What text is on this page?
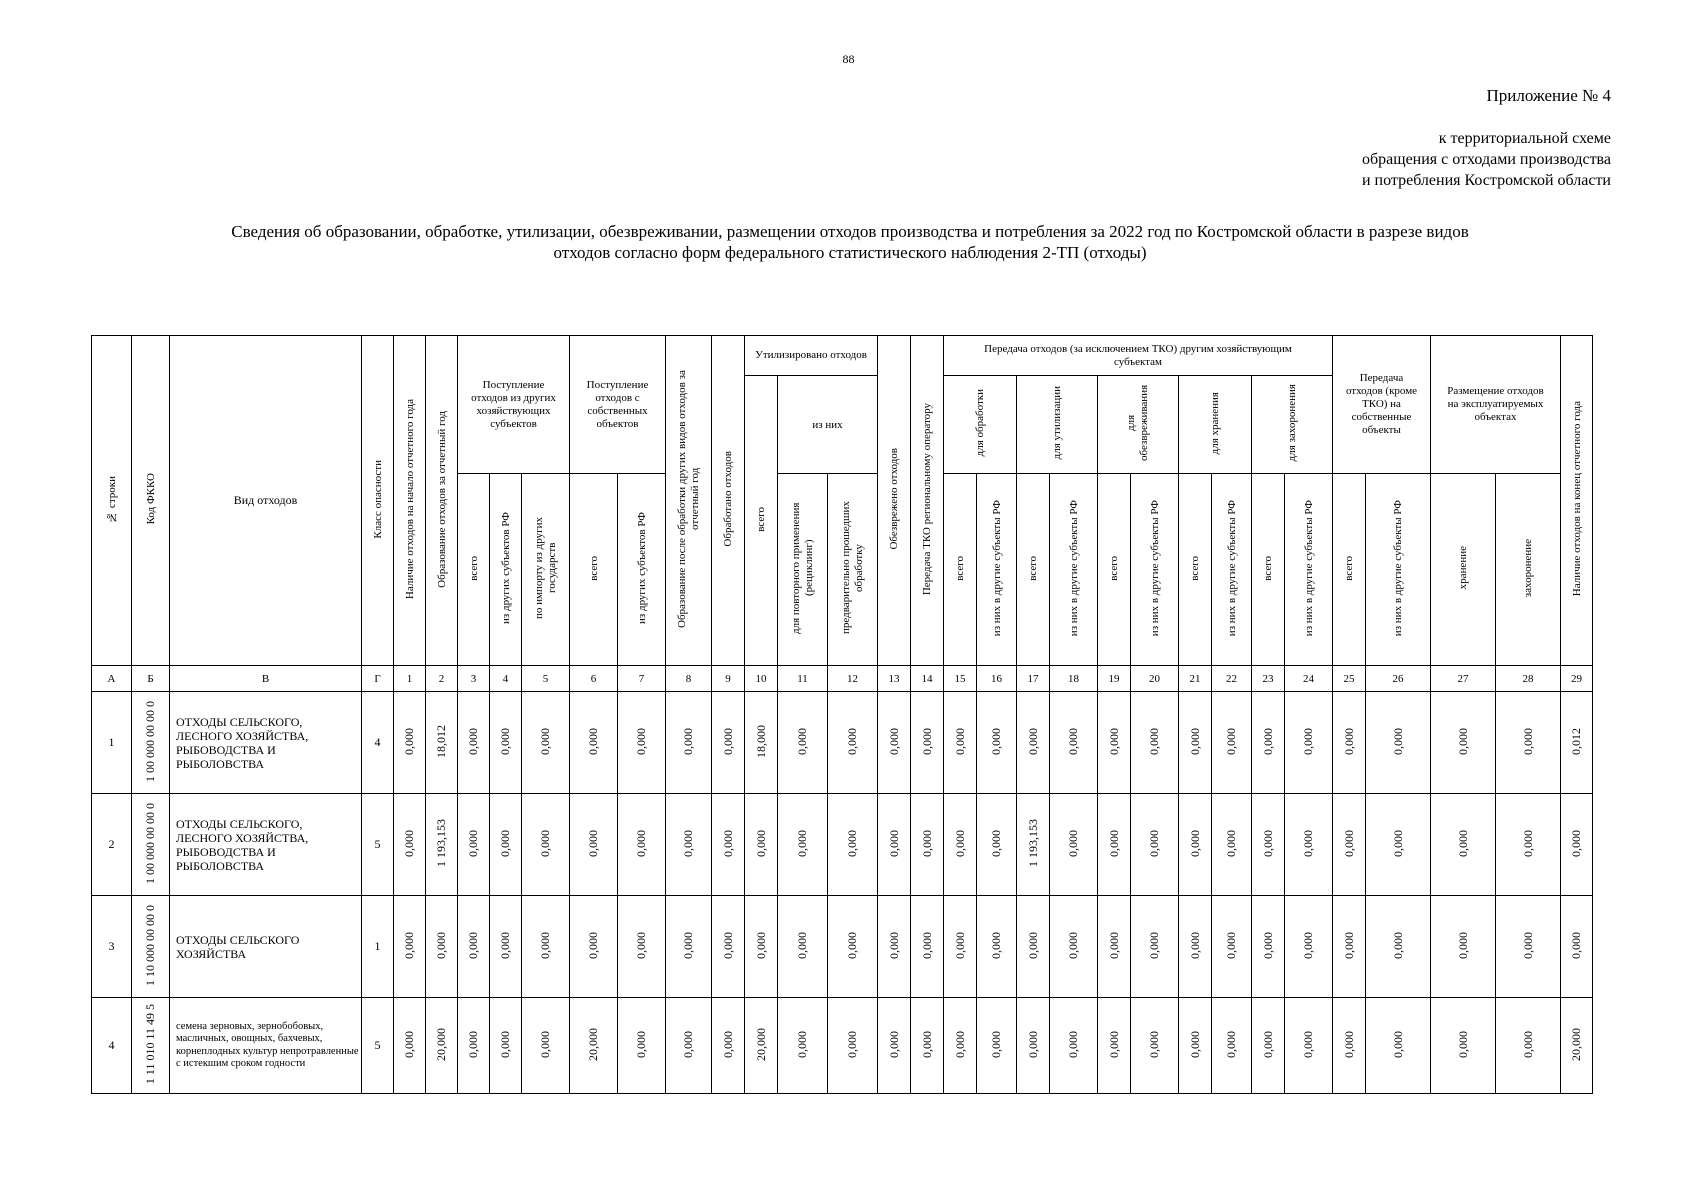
88
Приложение № 4
к территориальной схеме
обращения с отходами производства
и потребления Костромской области
Сведения об образовании, обработке, утилизации, обезвреживании, размещении отходов производства и потребления за 2022 год по Костромской области в разрезе видов
отходов согласно форм федерального статистического наблюдения 2-ТП (отходы)
№ строки	Код ФККО	Вид отходов	Класс опасности	Наличие отходов на начало отчетного года	Образование отходов за отчетный год	Поступление отходов из других хозяйствующих субъектов			Поступление отходов с собственных объектов		Образование после обработки других видов отходов за отчетный год	Обработано отходов	Утилизировано отходов			Обезврежено отходов	Передача ТКО региональному оператору	Передача отходов (за исключением ТКО) другим хозяйствующим субъектам										Передача отходов (кроме ТКО) на собственные объекты		Размещение отходов на эксплуатируемых объектах		Наличие отходов на конец отчетного года
													всего	из них				для обработки		для утилизации		для обезвреживания		для хранения		для захоронения						
						всего	из других субъектов РФ	по импорту из других государств	всего	из других субъектов РФ				для повторного применения (рециклинг)	предварительно прошедших обработку			всего	из них в другие субъекты РФ	всего	из них в другие субъекты РФ	всего	из них в другие субъекты РФ	всего	из них в другие субъекты РФ	всего	из них в другие субъекты РФ	всего	из них в другие субъекты РФ	хранение	захоронение	
А	Б	В	Г	1	2	3	4	5	6	7	8	9	10	11	12	13	14	15	16	17	18	19	20	21	22	23	24	25	26	27	28	29
1	1 00 000 00 00 0	ОТХОДЫ СЕЛЬСКОГО, ЛЕСНОГО ХОЗЯЙСТВА, РЫБОВОДСТВА И РЫБОЛОВСТВА	4	0,000	18,012	0,000	0,000	0,000	0,000	0,000	0,000	0,000	18,000	0,000	0,000	0,000	0,000	0,000	0,000	0,000	0,000	0,000	0,000	0,000	0,000	0,000	0,000	0,000	0,000	0,000	0,000	0,012
2	1 00 000 00 00 0	ОТХОДЫ СЕЛЬСКОГО, ЛЕСНОГО ХОЗЯЙСТВА, РЫБОВОДСТВА И РЫБОЛОВСТВА	5	0,000	1 193,153	0,000	0,000	0,000	0,000	0,000	0,000	0,000	0,000	0,000	0,000	0,000	0,000	0,000	0,000	1 193,153	0,000	0,000	0,000	0,000	0,000	0,000	0,000	0,000	0,000	0,000	0,000	0,000
3	1 10 000 00 00 0	ОТХОДЫ СЕЛЬСКОГО ХОЗЯЙСТВА	1	0,000	0,000	0,000	0,000	0,000	0,000	0,000	0,000	0,000	0,000	0,000	0,000	0,000	0,000	0,000	0,000	0,000	0,000	0,000	0,000	0,000	0,000	0,000	0,000	0,000	0,000	0,000	0,000	0,000
4	1 11 010 11 49 5	семена зерновых, зернобобовых, масличных, овощных, бахчевых, корнеплодных культур непротравленные с истекшим сроком годности	5	0,000	20,000	0,000	0,000	0,000	20,000	0,000	0,000	0,000	20,000	0,000	0,000	0,000	0,000	0,000	0,000	0,000	0,000	0,000	0,000	0,000	0,000	0,000	0,000	0,000	0,000	0,000	0,000	20,000
